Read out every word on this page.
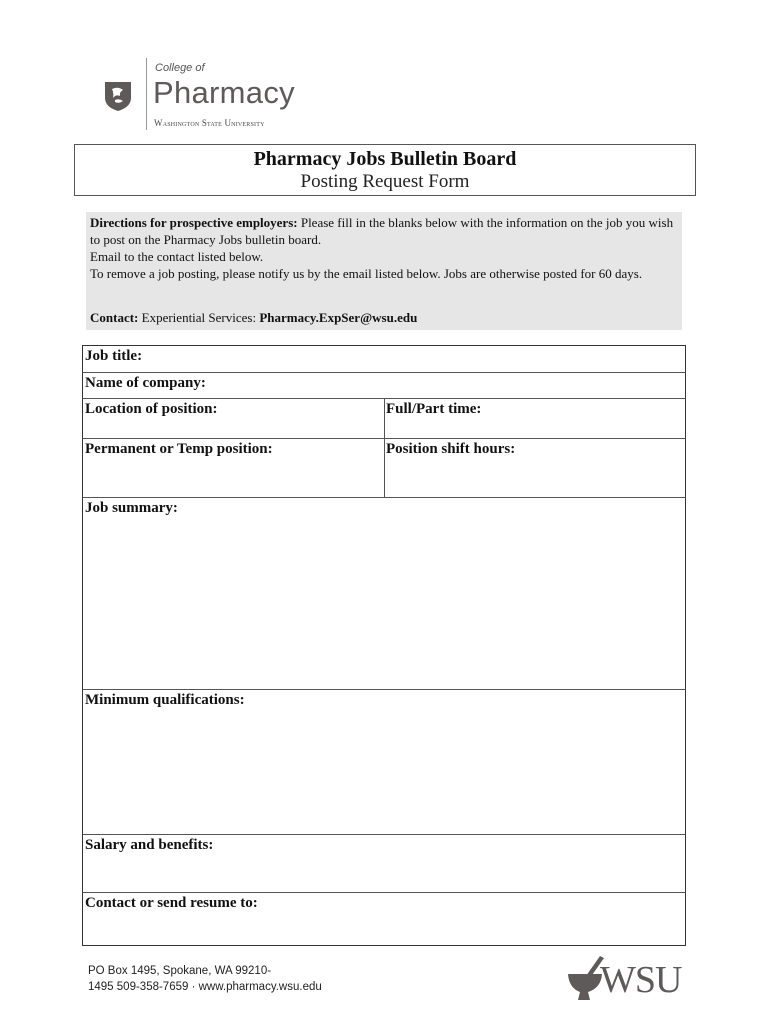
College of
Pharmacy
Washington State University
Pharmacy Jobs Bulletin Board
Posting Request Form

Directions for prospective employers: Please fill in the blanks below with the information on the job you wish to post on the Pharmacy Jobs bulletin board.

Email to the contact listed below.

To remove a job posting, please notify us by the email listed below. Jobs are otherwise posted for 60 days.

Contact: Experiential Services: Pharmacy.ExpSer@wsu.edu
Job title:
Name of company:
Location of position:	Full/Part time:
Permanent or Temp position:	Position shift hours:
Job summary:
Minimum qualifications:
Salary and benefits:
Contact or send resume to:
PO Box 1495, Spokane, WA 99210-
1495 509-358-7659 · www.pharmacy.wsu.edu	WSU
